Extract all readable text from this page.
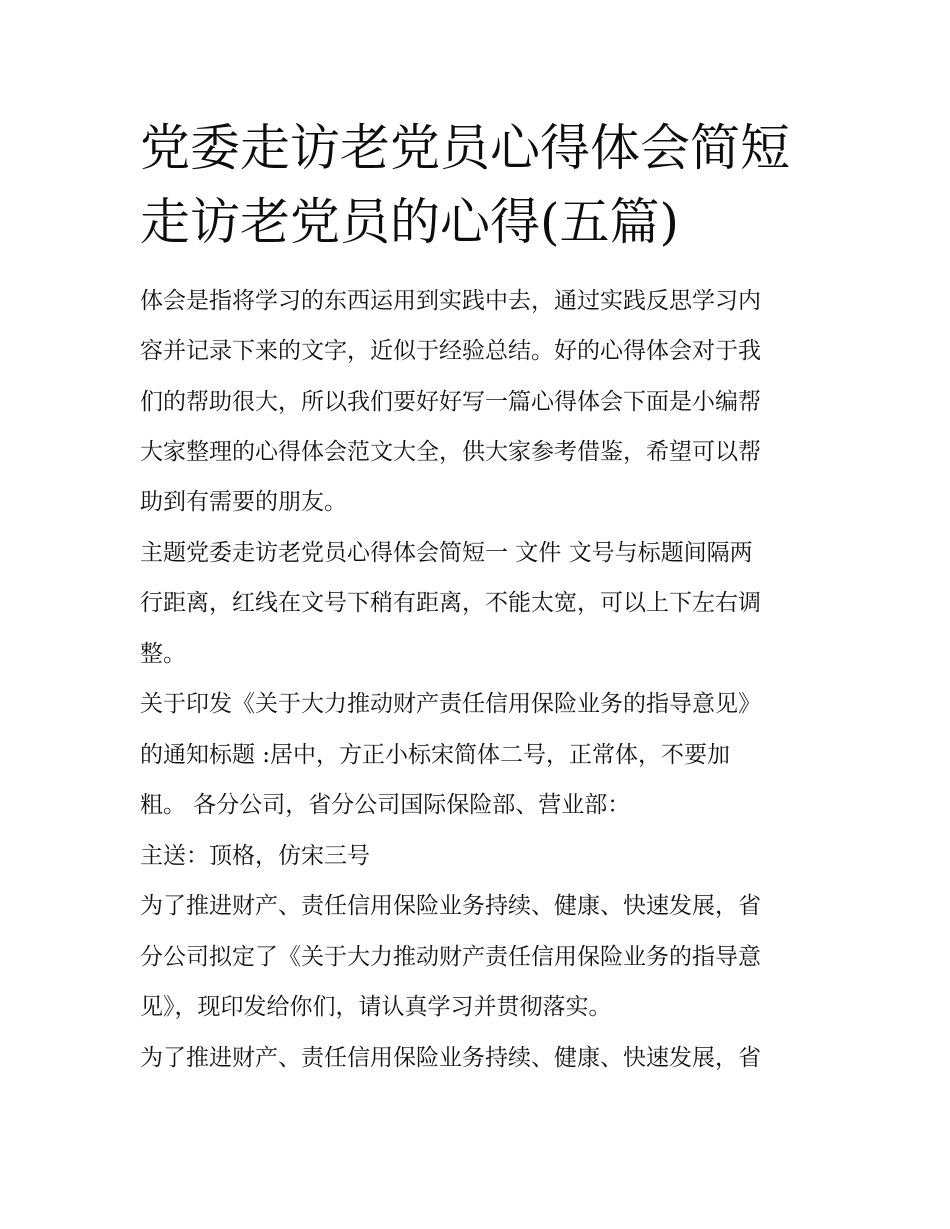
党委走访老党员心得体会简短
走访老党员的心得(五篇)
体会是指将学习的东西运用到实践中去，通过实践反思学习内
容并记录下来的文字，近似于经验总结。好的心得体会对于我
们的帮助很大，所以我们要好好写一篇心得体会下面是小编帮
大家整理的心得体会范文大全，供大家参考借鉴，希望可以帮
助到有需要的朋友。
主题党委走访老党员心得体会简短一 文件 文号与标题间隔两
行距离，红线在文号下稍有距离，不能太宽，可以上下左右调
整。
关于印发《关于大力推动财产责任信用保险业务的指导意见》
的通知标题 :居中，方正小标宋简体二号，正常体，不要加
粗。 各分公司，省分公司国际保险部、营业部：
主送：顶格，仿宋三号
为了推进财产、责任信用保险业务持续、健康、快速发展，省
分公司拟定了《关于大力推动财产责任信用保险业务的指导意
见》，现印发给你们，请认真学习并贯彻落实。
为了推进财产、责任信用保险业务持续、健康、快速发展，省
